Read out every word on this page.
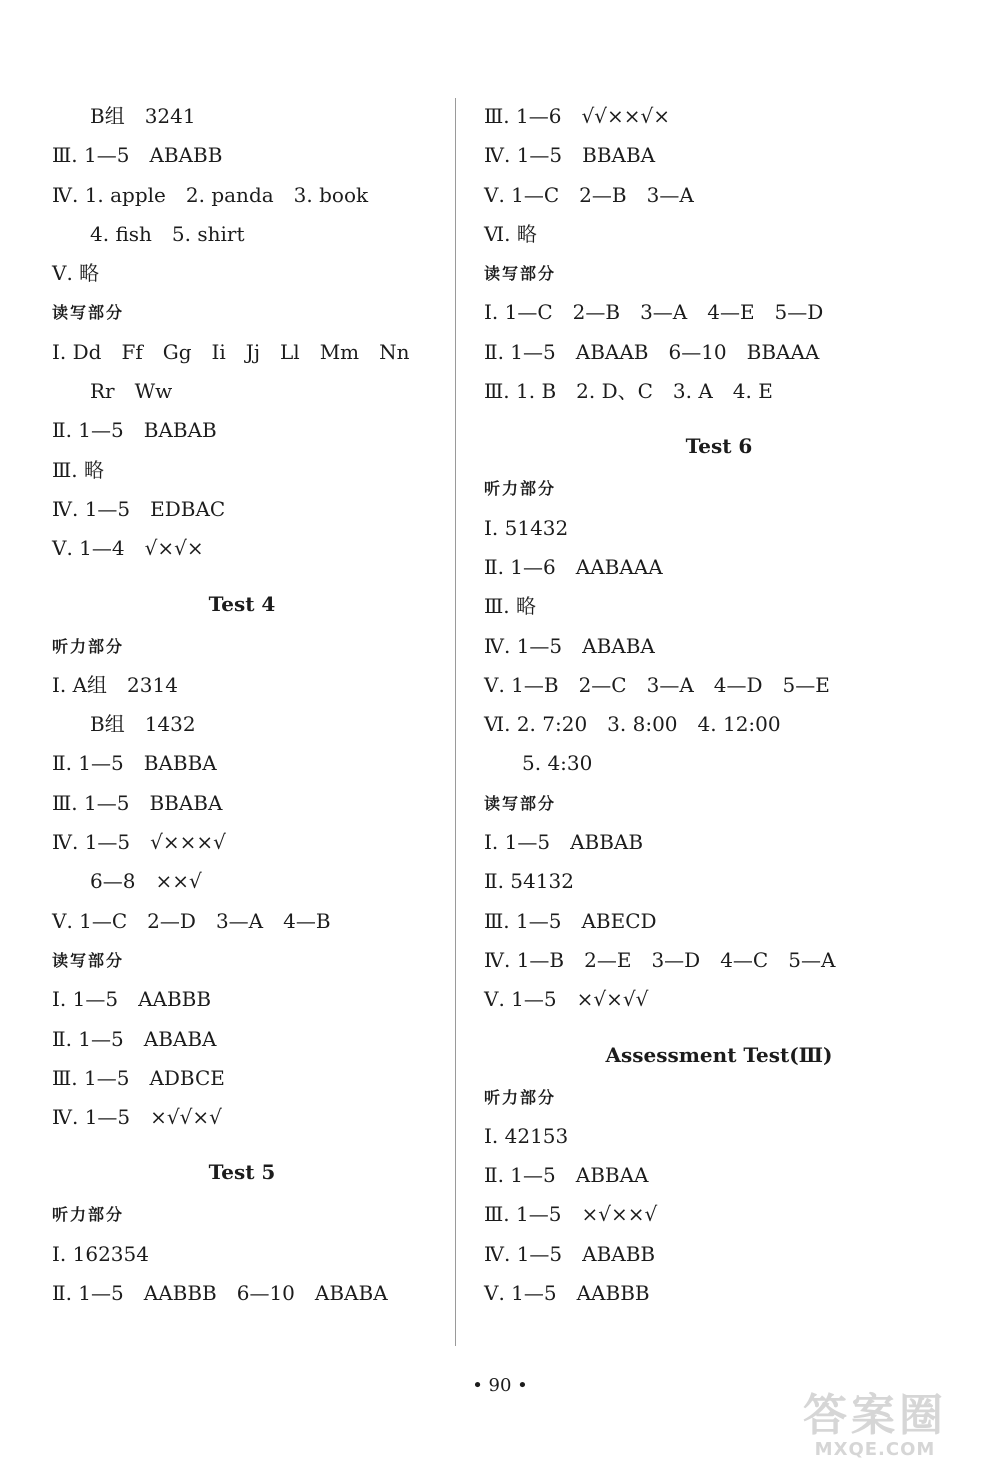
B组　3241
Ⅲ. 1—5　ABABB
Ⅳ. 1. apple　2. panda　3. book
4. fish　5. shirt
Ⅴ. 略
读写部分
Ⅰ. Dd　Ff　Gg　Ii　Jj　Ll　Mm　Nn
Rr　Ww
Ⅱ. 1—5　BABAB
Ⅲ. 略
Ⅳ. 1—5　EDBAC
Ⅴ. 1—4　√×√×
Test 4
听力部分
Ⅰ. A组　2314
B组　1432
Ⅱ. 1—5　BABBA
Ⅲ. 1—5　BBABA
Ⅳ. 1—5　√×××√
6—8　××√
Ⅴ. 1—C　2—D　3—A　4—B
读写部分
Ⅰ. 1—5　AABBB
Ⅱ. 1—5　ABABA
Ⅲ. 1—5　ADBCE
Ⅳ. 1—5　×√√×√
Test 5
听力部分
Ⅰ. 162354
Ⅱ. 1—5　AABBB　6—10　ABABA
Ⅲ. 1—6　√√××√×
Ⅳ. 1—5　BBABA
Ⅴ. 1—C　2—B　3—A
Ⅵ. 略
读写部分
Ⅰ. 1—C　2—B　3—A　4—E　5—D
Ⅱ. 1—5　ABAAB　6—10　BBAAA
Ⅲ. 1. B　2. D、C　3. A　4. E
Test 6
听力部分
Ⅰ. 51432
Ⅱ. 1—6　AABAAA
Ⅲ. 略
Ⅳ. 1—5　ABABA
Ⅴ. 1—B　2—C　3—A　4—D　5—E
Ⅵ. 2. 7:20　3. 8:00　4. 12:00
5. 4:30
读写部分
Ⅰ. 1—5　ABBAB
Ⅱ. 54132
Ⅲ. 1—5　ABECD
Ⅳ. 1—B　2—E　3—D　4—C　5—A
Ⅴ. 1—5　×√×√√
Assessment Test(Ⅲ)
听力部分
Ⅰ. 42153
Ⅱ. 1—5　ABBAA
Ⅲ. 1—5　×√××√
Ⅳ. 1—5　ABABB
Ⅴ. 1—5　AABBB
• 90 •
答案圈
MXQE.COM
